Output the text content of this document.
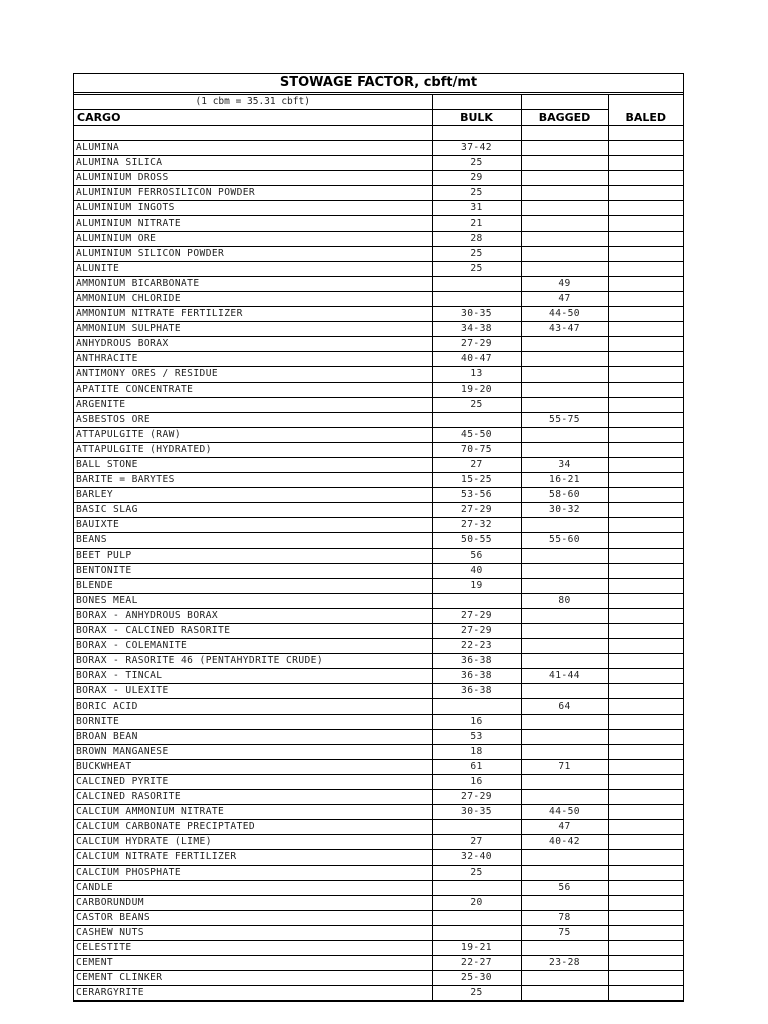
STOWAGE FACTOR, cbft/mt
(1 cbm = 35.31 cbft)			
CARGO	BULK	BAGGED	BALED

ALUMINA	37-42		
ALUMINA SILICA	25		
ALUMINIUM DROSS	29		
ALUMINIUM FERROSILICON POWDER	25		
ALUMINIUM INGOTS	31		
ALUMINIUM NITRATE	21		
ALUMINIUM ORE	28		
ALUMINIUM SILICON POWDER	25		
ALUNITE	25		
AMMONIUM BICARBONATE		49	
AMMONIUM CHLORIDE		47	
AMMONIUM NITRATE FERTILIZER	30-35	44-50	
AMMONIUM SULPHATE	34-38	43-47	
ANHYDROUS BORAX	27-29		
ANTHRACITE	40-47		
ANTIMONY ORES / RESIDUE	13		
APATITE CONCENTRATE	19-20		
ARGENITE	25		
ASBESTOS ORE		55-75	
ATTAPULGITE (RAW)	45-50		
ATTAPULGITE (HYDRATED)	70-75		
BALL STONE	27	34	
BARITE = BARYTES	15-25	16-21	
BARLEY	53-56	58-60	
BASIC SLAG	27-29	30-32	
BAUIXTE	27-32		
BEANS	50-55	55-60	
BEET PULP	56		
BENTONITE	40		
BLENDE	19		
BONES MEAL		80	
BORAX - ANHYDROUS BORAX	27-29		
BORAX - CALCINED RASORITE	27-29		
BORAX - COLEMANITE	22-23		
BORAX - RASORITE 46 (PENTAHYDRITE CRUDE)	36-38		
BORAX - TINCAL	36-38	41-44	
BORAX - ULEXITE	36-38		
BORIC ACID		64	
BORNITE	16		
BROAN BEAN	53		
BROWN MANGANESE	18		
BUCKWHEAT	61	71	
CALCINED PYRITE	16		
CALCINED RASORITE	27-29		
CALCIUM AMMONIUM NITRATE	30-35	44-50	
CALCIUM CARBONATE PRECIPTATED		47	
CALCIUM HYDRATE (LIME)	27	40-42	
CALCIUM NITRATE FERTILIZER	32-40		
CALCIUM PHOSPHATE	25		
CANDLE		56	
CARBORUNDUM	20		
CASTOR BEANS		78	
CASHEW NUTS		75	
CELESTITE	19-21		
CEMENT	22-27	23-28	
CEMENT CLINKER	25-30		
CERARGYRITE	25		
